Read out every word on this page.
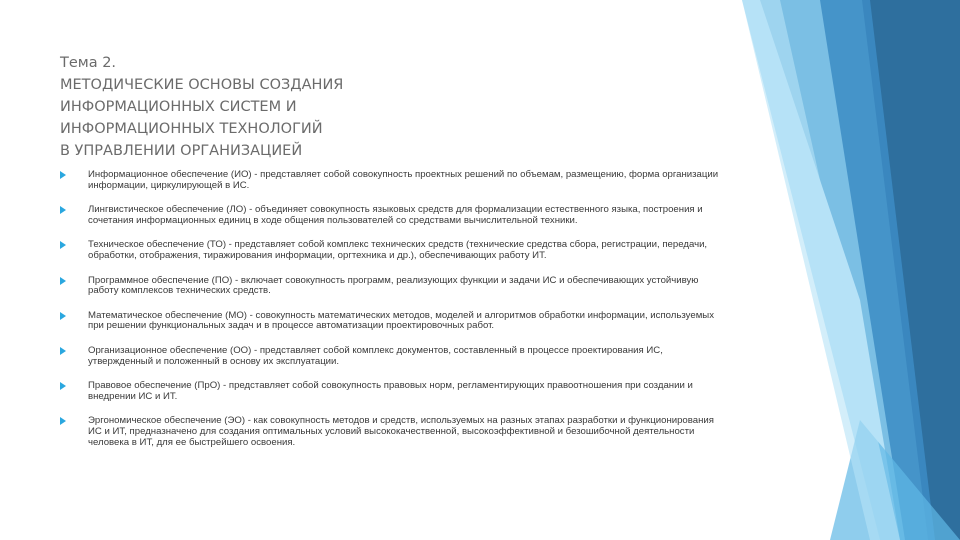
Тема 2.
МЕТОДИЧЕСКИЕ ОСНОВЫ СОЗДАНИЯ
ИНФОРМАЦИОННЫХ СИСТЕМ И
ИНФОРМАЦИОННЫХ ТЕХНОЛОГИЙ
В УПРАВЛЕНИИ ОРГАНИЗАЦИЕЙ
Информационное обеспечение (ИО) - представляет собой совокупность проектных решений по объемам, размещению, форма организации информации, циркулирующей в ИС.
Лингвистическое обеспечение (ЛО) - объединяет совокупность языковых средств для формализации естественного языка, построения и сочетания информационных единиц в ходе общения пользователей со средствами вычислительной техники.
Техническое обеспечение (ТО) - представляет собой комплекс технических средств (технические средства сбора, регистрации, передачи, обработки, отображения, тиражирования информации, оргтехника и др.), обеспечивающих работу ИТ.
Программное обеспечение (ПО) - включает совокупность программ, реализующих функции и задачи ИС и обеспечивающих устойчивую работу комплексов технических средств.
Математическое обеспечение (МО) - совокупность математических методов, моделей и алгоритмов обработки информации, используемых при решении функциональных задач и в процессе автоматизации проектировочных работ.
Организационное обеспечение (ОО) - представляет собой комплекс документов, составленный в процессе проектирования ИС, утвержденный и положенный в основу их эксплуатации.
Правовое обеспечение (ПрО) - представляет собой совокупность правовых норм, регламентирующих правоотношения при создании и внедрении ИС и ИТ.
Эргономическое обеспечение (ЭО) - как совокупность методов и средств, используемых на разных этапах разработки и функционирования ИС и ИТ, предназначено для создания оптимальных условий высококачественной, высокоэффективной и безошибочной деятельности человека в ИТ, для ее быстрейшего освоения.
